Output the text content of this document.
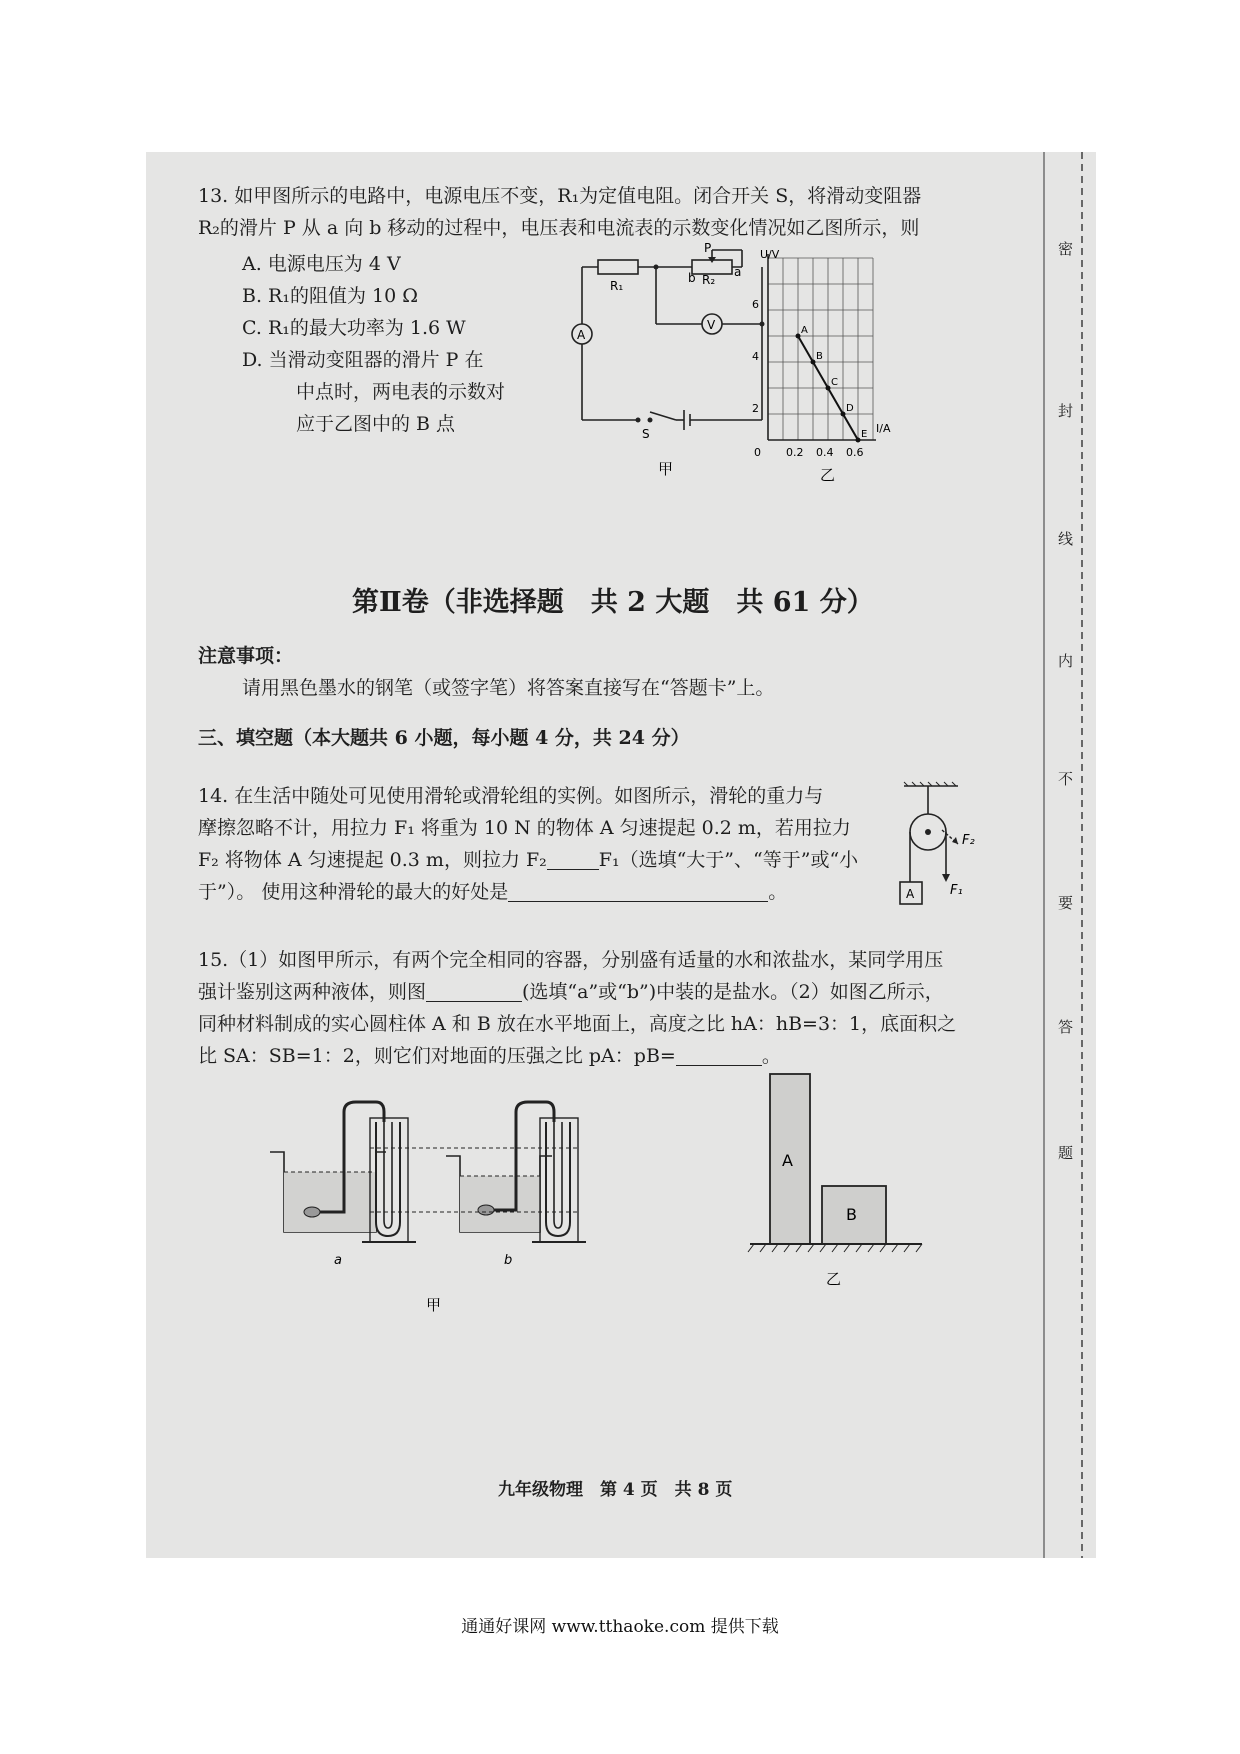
13. 如甲图所示的电路中，电源电压不变，R₁为定值电阻。闭合开关 S，将滑动变阻器
R₂的滑片 P 从 a 向 b 移动的过程中，电压表和电流表的示数变化情况如乙图所示，则
A. 电源电压为 4 V
B. R₁的阻值为 10 Ω
C. R₁的最大功率为 1.6 W
D. 当滑动变阻器的滑片 P 在
中点时，两电表的示数对
应于乙图中的 B 点
P
R₁
b R₂
a
A
V
S
甲
U/V
I/A
6
4
2
0 0.2 0.4 0.6
乙
A
B
C
D
E
第Ⅱ卷（非选择题　共 2 大题　共 61 分）
注意事项：
请用黑色墨水的钢笔（或签字笔）将答案直接写在“答题卡”上。
三、填空题（本大题共 6 小题，每小题 4 分，共 24 分）
14. 在生活中随处可见使用滑轮或滑轮组的实例。如图所示，滑轮的重力与
摩擦忽略不计，用拉力 F₁ 将重为 10 N 的物体 A 匀速提起 0.2 m，若用拉力
F₂ 将物体 A 匀速提起 0.3 m，则拉力 F₂	F₁（选填“大于”、“等于”或“小
于”）。 使用这种滑轮的最大的好处是	。	A
F₂
F₁
15.（1）如图甲所示，有两个完全相同的容器，分别盛有适量的水和浓盐水，某同学用压
强计鉴别这两种液体，则图	(选填“a”或“b”)中装的是盐水。（2）如图乙所示，
同种材料制成的实心圆柱体 A 和 B 放在水平地面上，高度之比 hA：hB=3：1，底面积之
比 SA：SB=1：2，则它们对地面的压强之比 pA：pB=	。
a	b
甲
A
B
乙
九年级物理　第 4 页　共 8 页
密
封
线
内
不
要
答
题
通通好课网 www.tthaoke.com 提供下载
